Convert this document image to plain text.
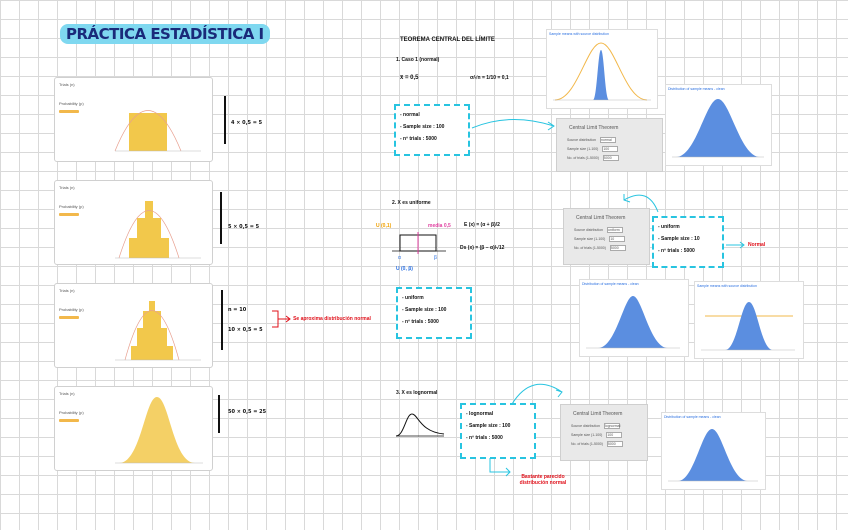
PRÁCTICA ESTADÍSTICA I
Trials (n)
Probability (p)
4 × 0,5 = 5
Trials (n)
Probability (p)
5 × 0,5 = 5
Trials (n)
Probability (p)	n = 10
10 × 0,5 = 5
Se aproxima distribución normal
Trials (n)
Probability (p)	50 × 0,5 = 25
TEOREMA CENTRAL DEL LÍMITE
1. Caso 1 (normal)
x̄ = 0,5	σ/√n = 1/10 = 0,1
- normal
- Sample size : 100
- nº trials : 5000
2. X es uniforme
U (0,1)	media 0,5
α	β
U (0, β)
E (x) = (α + β)/2
Ds (x) = (β − α)/√12
- uniform
- Sample size : 100
- nº trials : 5000
3. X es lognormal
- lognormal
- Sample size : 100
- nº trials : 5000
Bastante parecido distribución normal
Central Limit Theorem
Source distribution normal
Sample size (1-100) 100
No. of trials (1-5000) 5000
Central Limit Theorem
Source distribution uniform
Sample size (1-100) 10
No. of trials (1-5000) 5000
- uniform
- Sample size : 10
- nº trials : 5000
Normal
Central Limit Theorem
Source distribution lognormal
Sample size (1-100) 100
No. of trials (1-5000) 5000
Sample means with source distribution
Distribution of sample means - clean
Distribution of sample means - clean	Sample means with source distribution
Distribution of sample means - clean
